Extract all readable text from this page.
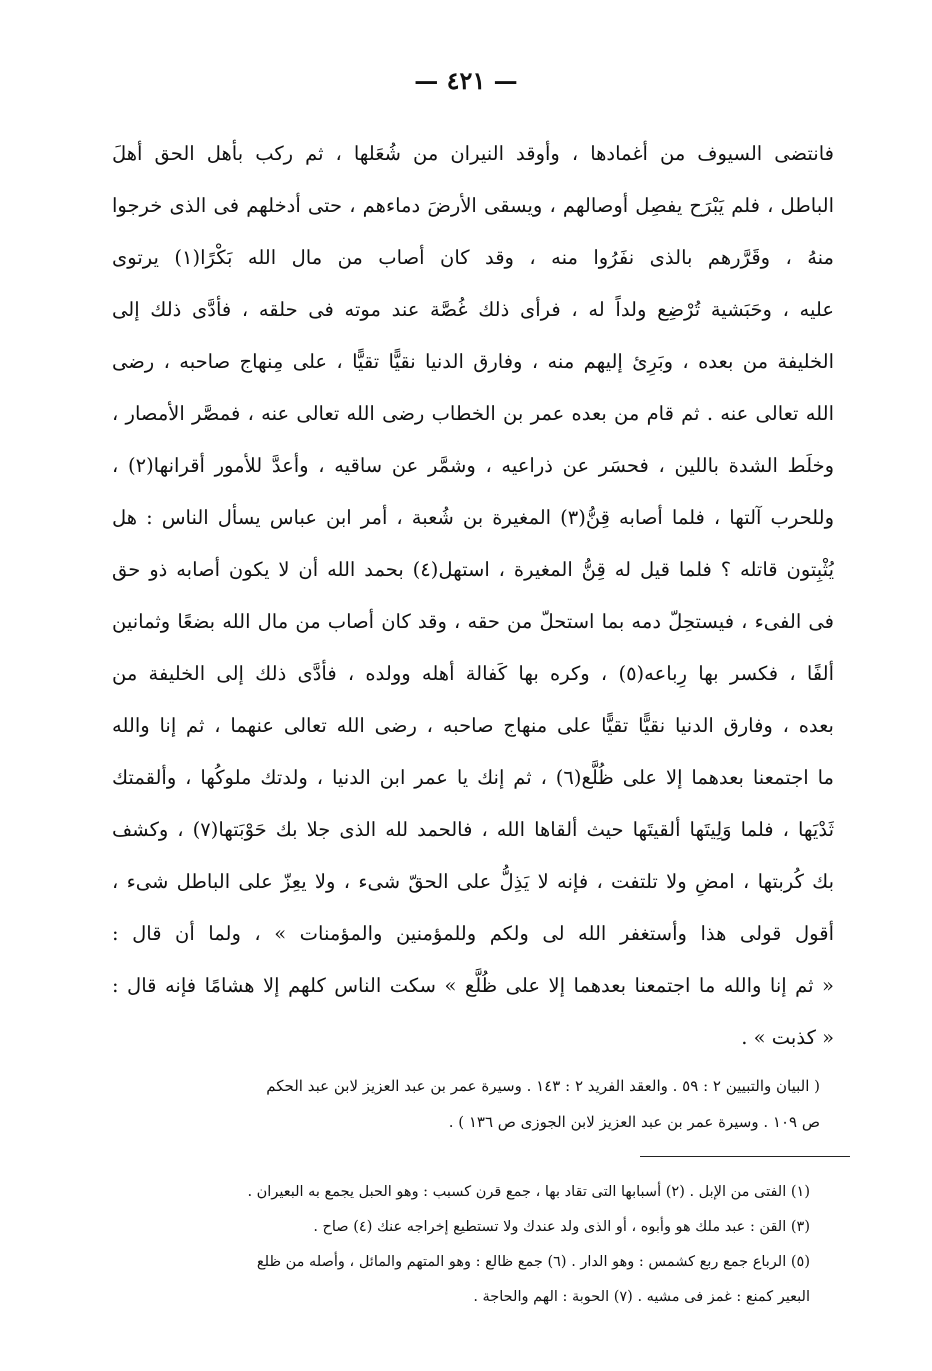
— ٤٢١ —
فانتضى السيوف من أغمادها ، وأوقد النيران من شُعَلها ، ثم ركب بأهل الحق أهلَ
الباطل ، فلم يَبْرَح يفصِل أوصالهم ، ويسقى الأرضَ دماءهم ، حتى أدخلهم فى الذى خرجوا
منهُ ، وقَرَّرهم بالذى نفَرُوا منه ، وقد كان أصاب من مال الله بَكْرًا(١) يرتوى
عليه ، وحَبَشية تُرْضِع ولداً له ، فرأى ذلك غُصَّة عند موته فى حلقه ، فأدَّى ذلك إلى
الخليفة من بعده ، وبَرِئ إليهم منه ، وفارق الدنيا نقيًّا تقيًّا ، على مِنهاج صاحبه ، رضى
الله تعالى عنه . ثم قام من بعده عمر بن الخطاب رضى الله تعالى عنه ، فمصَّر الأمصار ،
وخلَط الشدة باللين ، فحسَر عن ذراعيه ، وشمَّر عن ساقيه ، وأعدَّ للأمور أقرانها(٢) ،
وللحرب آلتها ، فلما أصابه قِنُّ(٣) المغيرة بن شُعبة ، أمر ابن عباس يسأل الناس : هل
يُثْبِتون قاتله ؟ فلما قيل له قِنُّ المغيرة ، استهل(٤) بحمد الله أن لا يكون أصابه ذو حق
فى الفىء ، فيستحِلّ دمه بما استحلّ من حقه ، وقد كان أصاب من مال الله بضعًا وثمانين
ألفًا ، فكسر بها رِباعه(٥) ، وكره بها كَفالة أهله وولده ، فأدَّى ذلك إلى الخليفة من
بعده ، وفارق الدنيا نقيًّا تقيًّا على منهاج صاحبه ، رضى الله تعالى عنهما ، ثم إنا والله
ما اجتمعنا بعدهما إلا على ظُلَّع(٦) ، ثم إنك يا عمر ابن الدنيا ، ولدتك ملوكُها ، وألقمتك
ثَدْيَها ، فلما وَلِيتَها ألقيتَها حيث ألقاها الله ، فالحمد لله الذى جلا بك حَوْبَتها(٧) ، وكشف
بك كُربتها ، امضِ ولا تلتفت ، فإنه لا يَذِلُّ على الحقّ شىء ، ولا يعِزّ على الباطل شىء ،
أقول قولى هذا وأستغفر الله لى ولكم وللمؤمنين والمؤمنات » ، ولما أن قال :
« ثم إنا والله ما اجتمعنا بعدهما إلا على ظُلَّع » سكت الناس كلهم إلا هشامًا فإنه قال :
« كذبت » .
( البيان والتبيين ٢ : ٥٩ . والعقد الفريد ٢ : ١٤٣ . وسيرة عمر بن عبد العزيز لابن عبد الحكم
ص ١٠٩ . وسيرة عمر بن عبد العزيز لابن الجوزى ص ١٣٦ ) .
(١) الفتى من الإبل . (٢) أسبابها التى تقاد بها ، جمع قرن كسبب : وهو الحبل يجمع به البعيران .
(٣) القن : عبد ملك هو وأبوه ، أو الذى ولد عندك ولا تستطيع إخراجه عنك (٤) صاح .
(٥) الرباع جمع ربع كشمس : وهو الدار . (٦) جمع ظالع : وهو المتهم والمائل ، وأصله من ظلع
البعير كمنع : غمز فى مشيه . (٧) الحوبة : الهم والحاجة .
